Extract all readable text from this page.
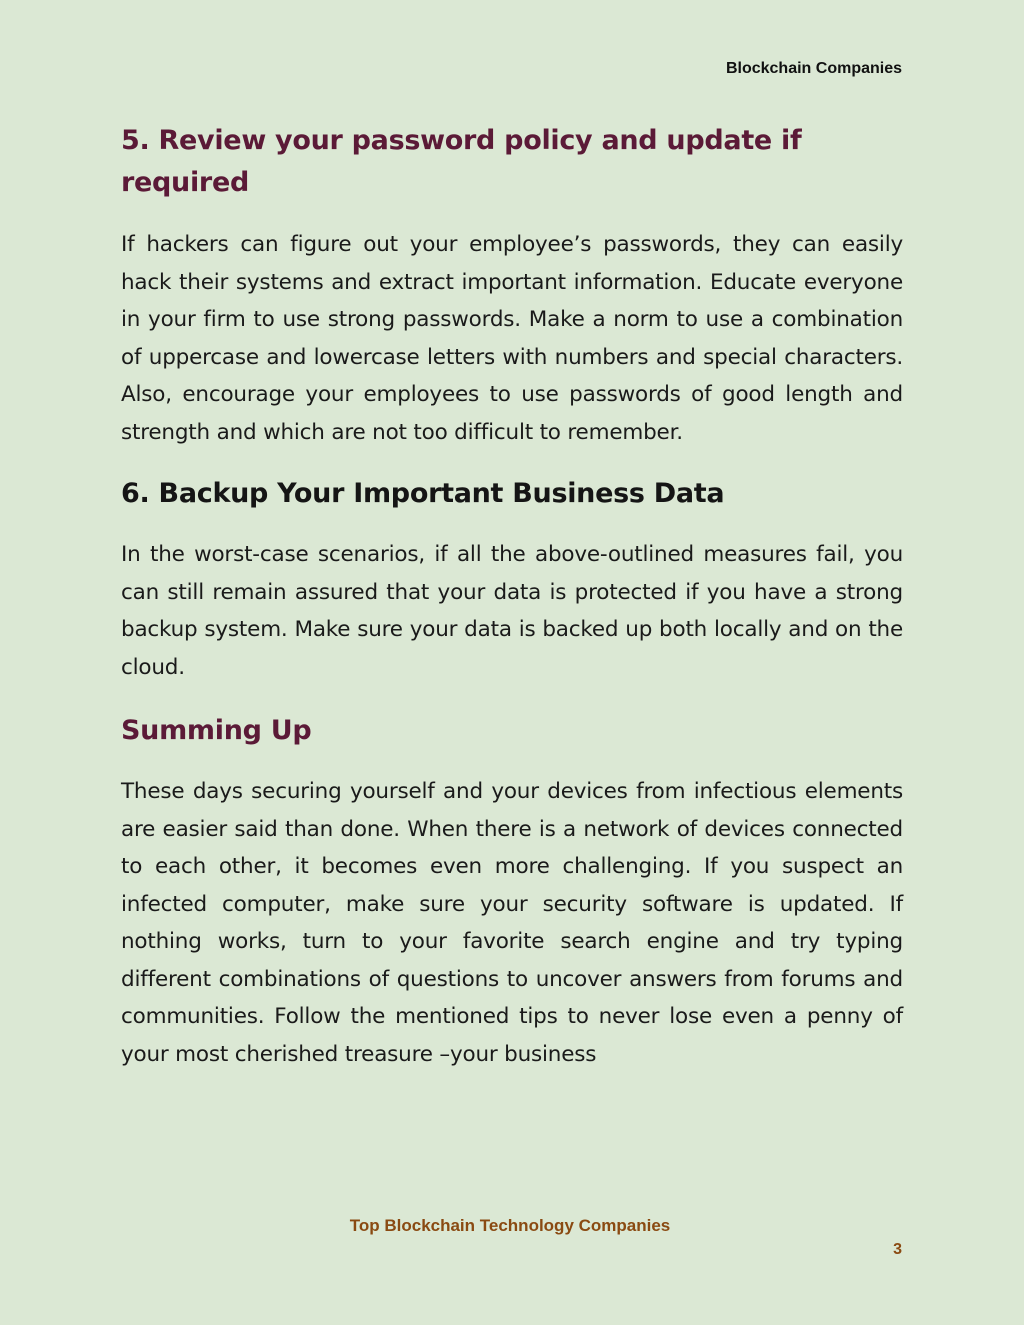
Blockchain Companies
5. Review your password policy and update if required

If hackers can figure out your employee’s passwords, they can easily hack their systems and extract important information. Educate everyone in your firm to use strong passwords. Make a norm to use a combination of uppercase and lowercase letters with numbers and special characters. Also, encourage your employees to use passwords of good length and strength and which are not too difficult to remember.

6. Backup Your Important Business Data

In the worst-case scenarios, if all the above-outlined measures fail, you can still remain assured that your data is protected if you have a strong backup system. Make sure your data is backed up both locally and on the cloud.

Summing Up

These days securing yourself and your devices from infectious elements are easier said than done. When there is a network of devices connected to each other, it becomes even more challenging. If you suspect an infected computer, make sure your security software is updated. If nothing works, turn to your favorite search engine and try typing different combinations of questions to uncover answers from forums and communities. Follow the mentioned tips to never lose even a penny of your most cherished treasure –your business

Top Blockchain Technology Companies
3
